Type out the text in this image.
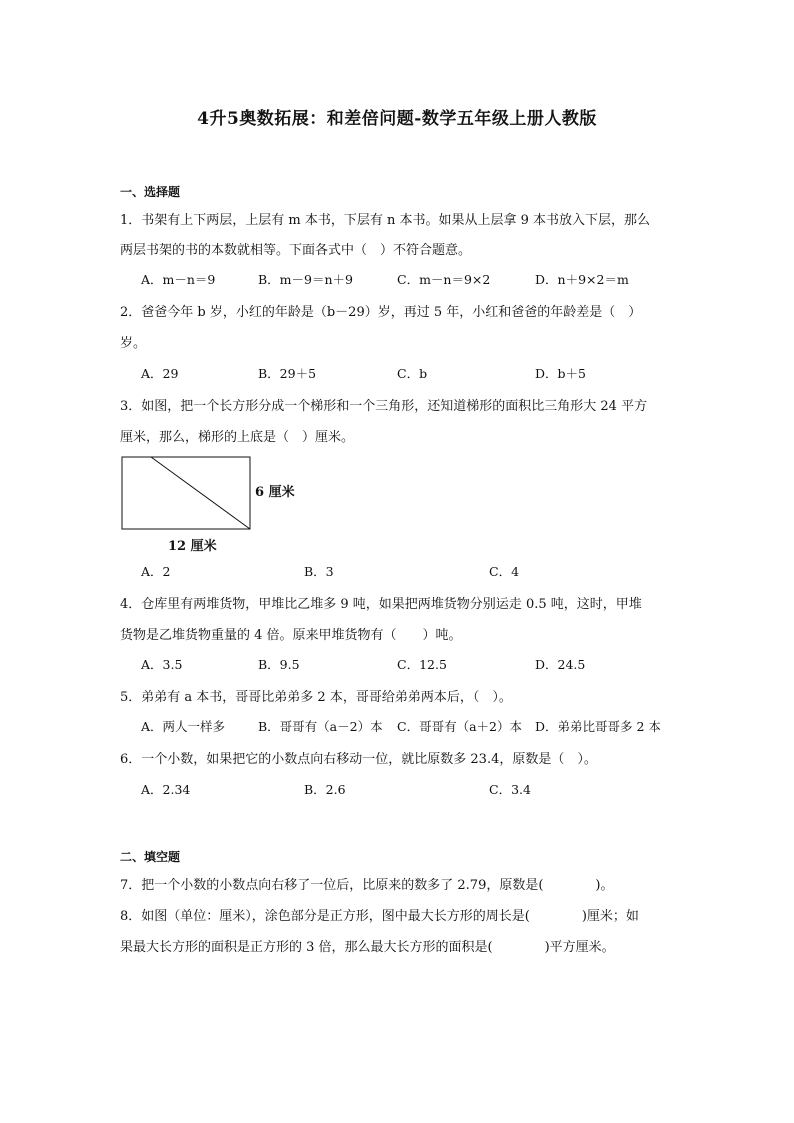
4升5奥数拓展：和差倍问题-数学五年级上册人教版
一、选择题
1．书架有上下两层，上层有 m 本书，下层有 n 本书。如果从上层拿 9 本书放入下层，那么
两层书架的书的本数就相等。下面各式中（　）不符合题意。
A．m－n＝9	B．m－9＝n＋9	C．m－n＝9×2	D．n＋9×2＝m
2．爸爸今年 b 岁，小红的年龄是（b－29）岁，再过 5 年，小红和爸爸的年龄差是（　）
岁。
A．29	B．29＋5	C．b	D．b＋5
3．如图，把一个长方形分成一个梯形和一个三角形，还知道梯形的面积比三角形大 24 平方
厘米，那么，梯形的上底是（　）厘米。
6 厘米
12 厘米
A．2	B．3	C．4
4．仓库里有两堆货物，甲堆比乙堆多 9 吨，如果把两堆货物分别运走 0.5 吨，这时，甲堆
货物是乙堆货物重量的 4 倍。原来甲堆货物有（　　）吨。
A．3.5	B．9.5	C．12.5	D．24.5
5．弟弟有 a 本书，哥哥比弟弟多 2 本，哥哥给弟弟两本后，（　）。
A．两人一样多	B．哥哥有（a－2）本 C．哥哥有（a＋2）本 D．弟弟比哥哥多 2 本
6．一个小数，如果把它的小数点向右移动一位，就比原数多 23.4，原数是（　）。
A．2.34	B．2.6	C．3.4
二、填空题
7．把一个小数的小数点向右移了一位后，比原来的数多了 2.79，原数是(　　　　)。
8．如图（单位：厘米），涂色部分是正方形，图中最大长方形的周长是(　　　　)厘米；如
果最大长方形的面积是正方形的 3 倍，那么最大长方形的面积是(　　　　)平方厘米。
